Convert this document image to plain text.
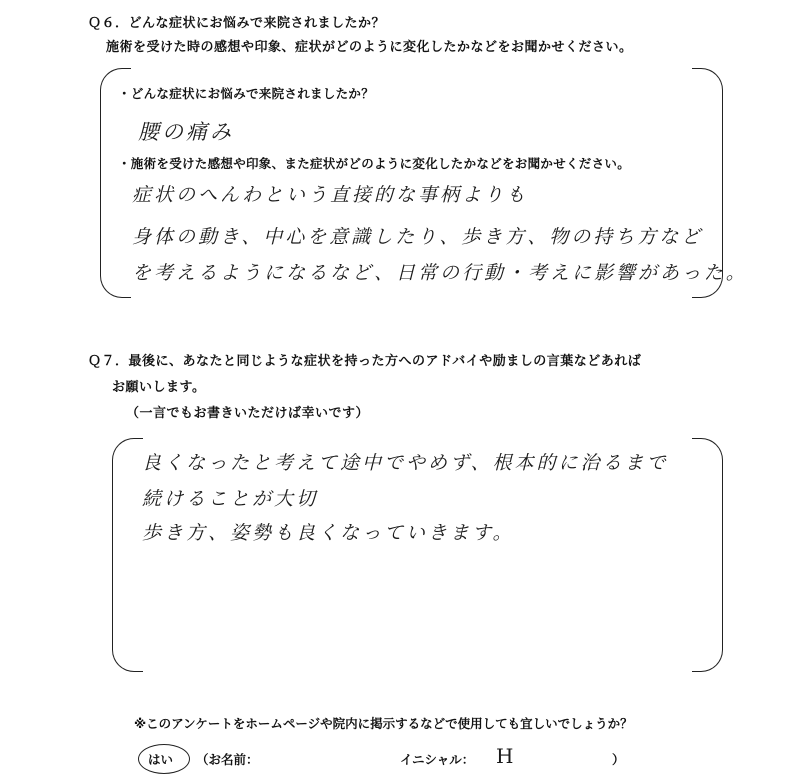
Ｑ６．どんな症状にお悩みで来院されましたか？
施術を受けた時の感想や印象、症状がどのように変化したかなどをお聞かせください。
・どんな症状にお悩みで来院されましたか？
腰の痛み
・施術を受けた感想や印象、また症状がどのように変化したかなどをお聞かせください。
症状のへんわという直接的な事柄よりも
身体の動き、中心を意識したり、歩き方、物の持ち方など
を考えるようになるなど、日常の行動・考えに影響があった。
Ｑ７．最後に、あなたと同じような症状を持った方へのアドバイや励ましの言葉などあれば
お願いします。
（一言でもお書きいただけば幸いです）
良くなったと考えて途中でやめず、根本的に治るまで
続けることが大切
歩き方、姿勢も良くなっていきます。
※このアンケートをホームページや院内に掲示するなどで使用しても宜しいでしょうか？
はい （お名前：	イニシャル： H	）
